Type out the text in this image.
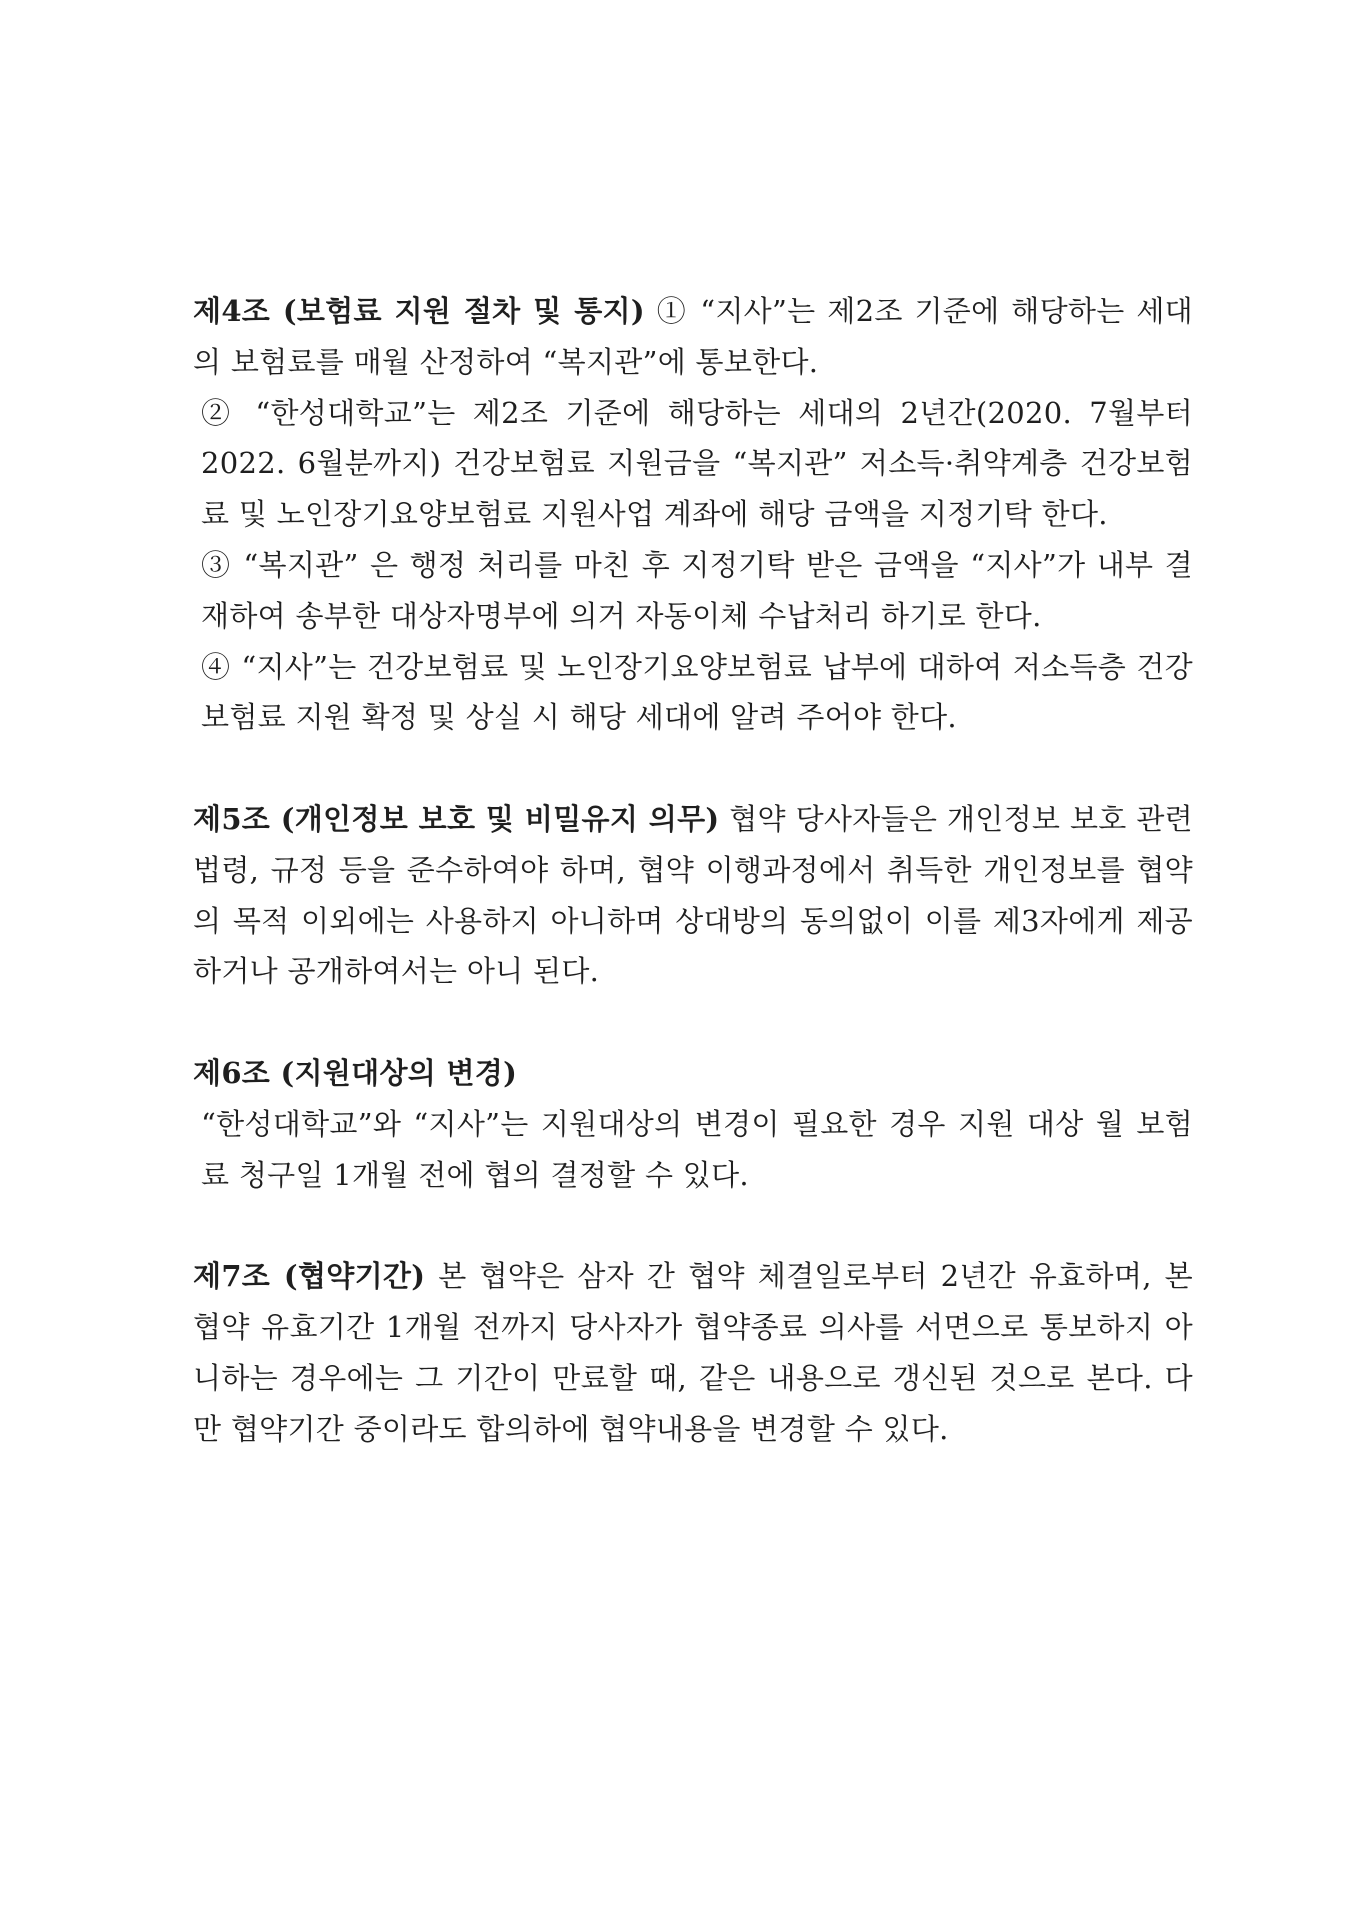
제4조 (보험료 지원 절차 및 통지) ① “지사”는 제2조 기준에 해당하는 세대의 보험료를 매월 산정하여 “복지관”에 통보한다.

② “한성대학교”는 제2조 기준에 해당하는 세대의 2년간(2020. 7월부터 2022. 6월분까지) 건강보험료 지원금을 “복지관” 저소득·취약계층 건강보험료 및 노인장기요양보험료 지원사업 계좌에 해당 금액을 지정기탁 한다.

③ “복지관” 은 행정 처리를 마친 후 지정기탁 받은 금액을 “지사”가 내부 결재하여 송부한 대상자명부에 의거 자동이체 수납처리 하기로 한다.

④ “지사”는 건강보험료 및 노인장기요양보험료 납부에 대하여 저소득층 건강보험료 지원 확정 및 상실 시 해당 세대에 알려 주어야 한다.

제5조 (개인정보 보호 및 비밀유지 의무) 협약 당사자들은 개인정보 보호 관련 법령, 규정 등을 준수하여야 하며, 협약 이행과정에서 취득한 개인정보를 협약의 목적 이외에는 사용하지 아니하며 상대방의 동의없이 이를 제3자에게 제공하거나 공개하여서는 아니 된다.

제6조 (지원대상의 변경)

“한성대학교”와 “지사”는 지원대상의 변경이 필요한 경우 지원 대상 월 보험료 청구일 1개월 전에 협의 결정할 수 있다.

제7조 (협약기간) 본 협약은 삼자 간 협약 체결일로부터 2년간 유효하며, 본 협약 유효기간 1개월 전까지 당사자가 협약종료 의사를 서면으로 통보하지 아니하는 경우에는 그 기간이 만료할 때, 같은 내용으로 갱신된 것으로 본다. 다만 협약기간 중이라도 합의하에 협약내용을 변경할 수 있다.
